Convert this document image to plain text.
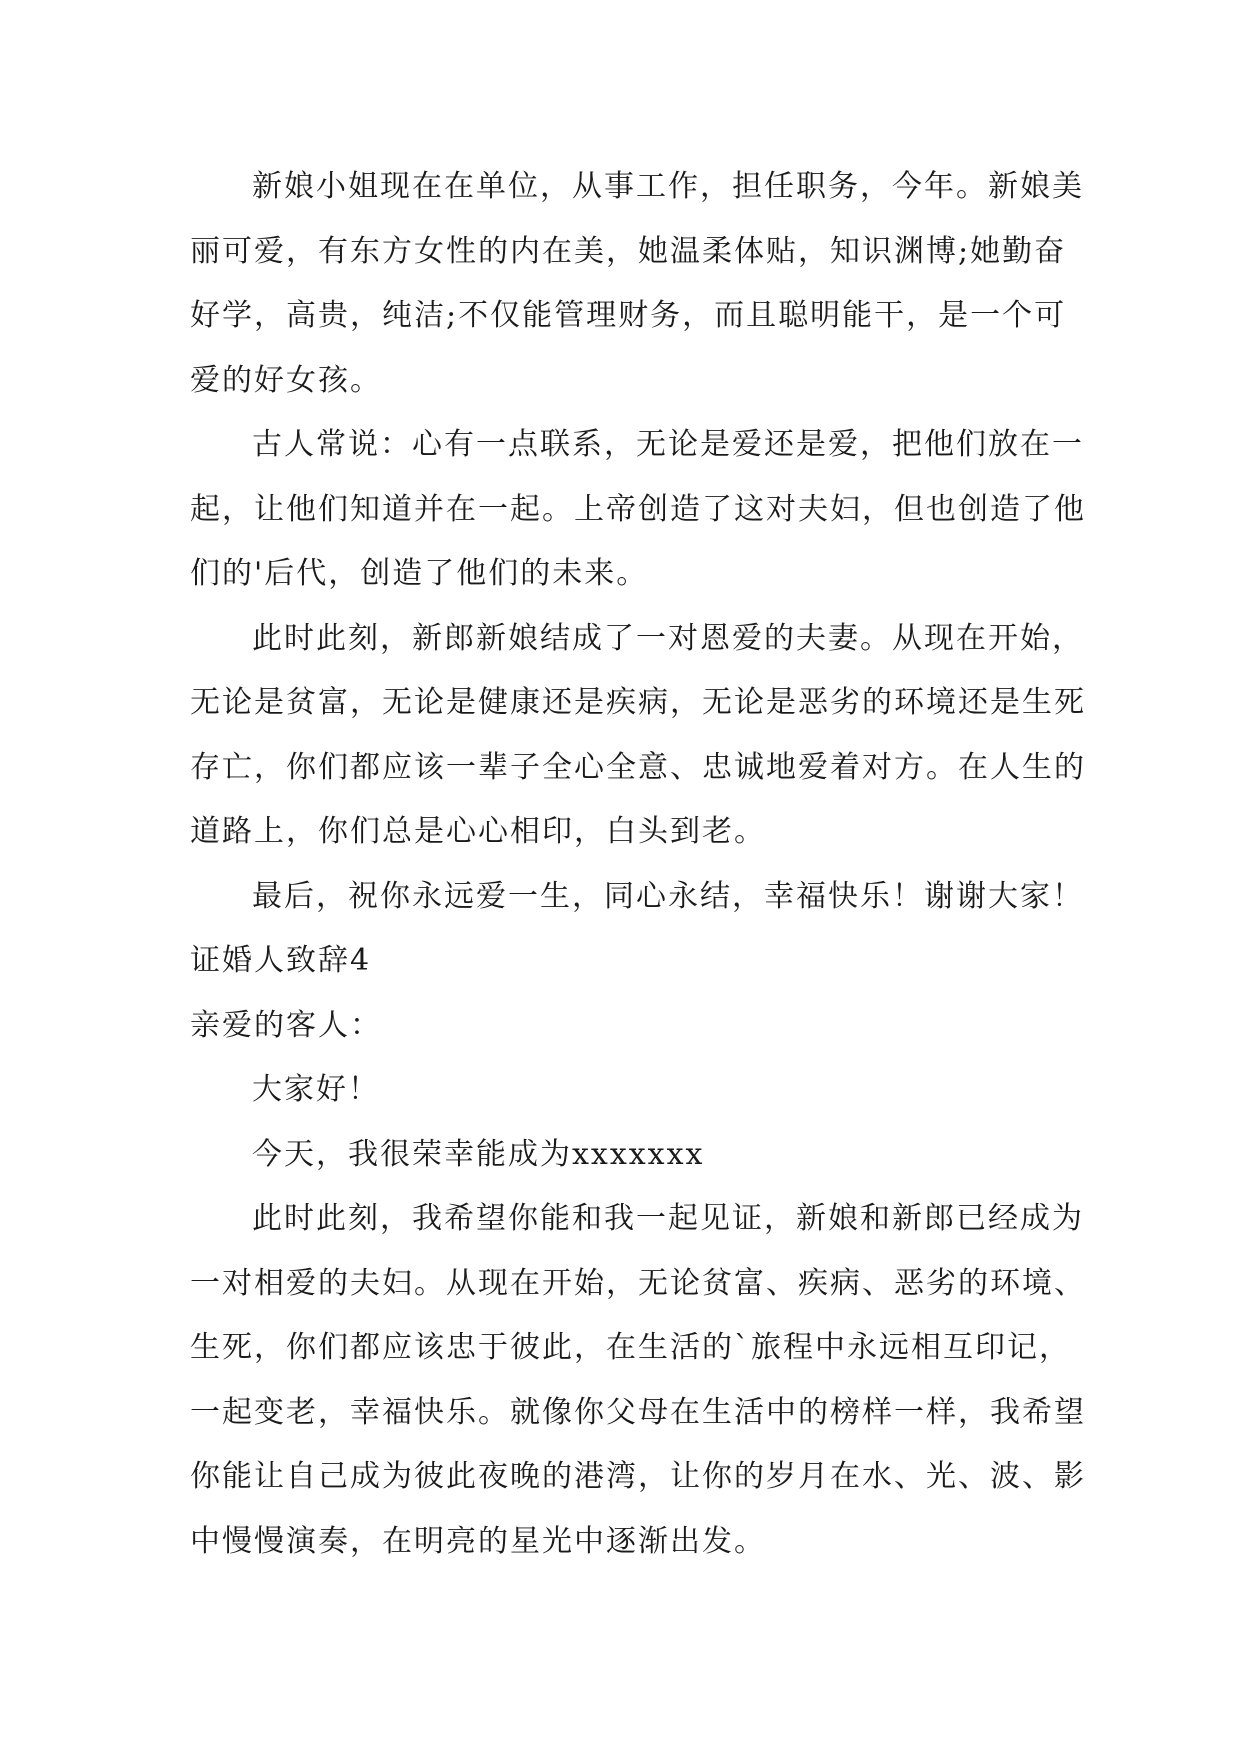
新娘小姐现在在单位，从事工作，担任职务，今年。新娘美丽可爱，有东方女性的内在美，她温柔体贴，知识渊博;她勤奋好学，高贵，纯洁;不仅能管理财务，而且聪明能干，是一个可爱的好女孩。

古人常说：心有一点联系，无论是爱还是爱，把他们放在一起，让他们知道并在一起。上帝创造了这对夫妇，但也创造了他们的'后代，创造了他们的未来。

此时此刻，新郎新娘结成了一对恩爱的夫妻。从现在开始，无论是贫富，无论是健康还是疾病，无论是恶劣的环境还是生死存亡，你们都应该一辈子全心全意、忠诚地爱着对方。在人生的道路上，你们总是心心相印，白头到老。

最后，祝你永远爱一生，同心永结，幸福快乐！谢谢大家！

证婚人致辞4

亲爱的客人：

大家好！

今天，我很荣幸能成为xxxxxxx

此时此刻，我希望你能和我一起见证，新娘和新郎已经成为一对相爱的夫妇。从现在开始，无论贫富、疾病、恶劣的环境、生死，你们都应该忠于彼此，在生活的`旅程中永远相互印记，一起变老，幸福快乐。就像你父母在生活中的榜样一样，我希望你能让自己成为彼此夜晚的港湾，让你的岁月在水、光、波、影中慢慢演奏，在明亮的星光中逐渐出发。
